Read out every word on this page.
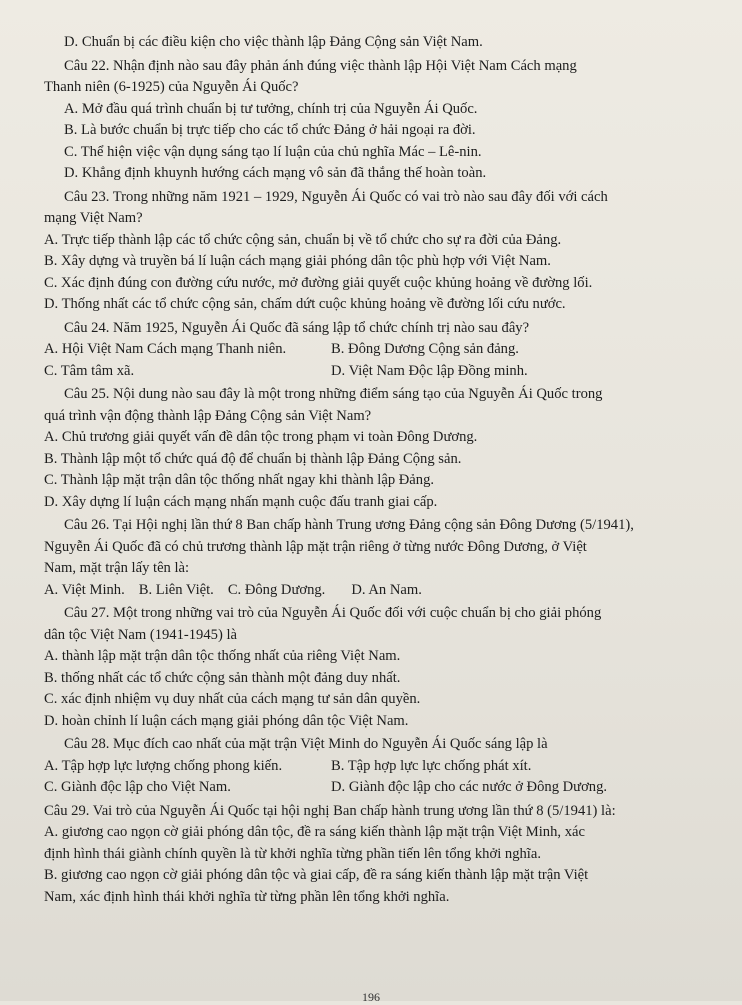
D. Chuẩn bị các điều kiện cho việc thành lập Đảng Cộng sản Việt Nam.
Câu 22. Nhận định nào sau đây phản ánh đúng việc thành lập Hội Việt Nam Cách mạng
Thanh niên (6-1925) của Nguyễn Ái Quốc?
A. Mở đầu quá trình chuẩn bị tư tưởng, chính trị của Nguyễn Ái Quốc.
B. Là bước chuẩn bị trực tiếp cho các tổ chức Đảng ở hải ngoại ra đời.
C. Thể hiện việc vận dụng sáng tạo lí luận của chủ nghĩa Mác – Lê-nin.
D. Khẳng định khuynh hướng cách mạng vô sản đã thắng thế hoàn toàn.
Câu 23. Trong những năm 1921 – 1929, Nguyễn Ái Quốc có vai trò nào sau đây đối với cách
mạng Việt Nam?
A. Trực tiếp thành lập các tổ chức cộng sản, chuẩn bị về tổ chức cho sự ra đời của Đảng.
B. Xây dựng và truyền bá lí luận cách mạng giải phóng dân tộc phù hợp với Việt Nam.
C. Xác định đúng con đường cứu nước, mở đường giải quyết cuộc khủng hoảng về đường lối.
D. Thống nhất các tổ chức cộng sản, chấm dứt cuộc khủng hoảng về đường lối cứu nước.
Câu 24. Năm 1925, Nguyễn Ái Quốc đã sáng lập tổ chức chính trị nào sau đây?
A. Hội Việt Nam Cách mạng Thanh niên.	B. Đông Dương Cộng sản đảng.
C. Tâm tâm xã.	D. Việt Nam Độc lập Đồng minh.
Câu 25. Nội dung nào sau đây là một trong những điểm sáng tạo của Nguyễn Ái Quốc trong
quá trình vận động thành lập Đảng Cộng sản Việt Nam?
A. Chủ trương giải quyết vấn đề dân tộc trong phạm vi toàn Đông Dương.
B. Thành lập một tổ chức quá độ để chuẩn bị thành lập Đảng Cộng sản.
C. Thành lập mặt trận dân tộc thống nhất ngay khi thành lập Đảng.
D. Xây dựng lí luận cách mạng nhấn mạnh cuộc đấu tranh giai cấp.
Câu 26. Tại Hội nghị lần thứ 8 Ban chấp hành Trung ương Đảng cộng sản Đông Dương (5/1941),
Nguyễn Ái Quốc đã có chủ trương thành lập mặt trận riêng ở từng nước Đông Dương, ở Việt
Nam, mặt trận lấy tên là:
A. Việt Minh. B. Liên Việt. C. Đông Dương. D. An Nam.
Câu 27. Một trong những vai trò của Nguyễn Ái Quốc đối với cuộc chuẩn bị cho giải phóng
dân tộc Việt Nam (1941-1945) là
A. thành lập mặt trận dân tộc thống nhất của riêng Việt Nam.
B. thống nhất các tổ chức cộng sản thành một đảng duy nhất.
C. xác định nhiệm vụ duy nhất của cách mạng tư sản dân quyền.
D. hoàn chỉnh lí luận cách mạng giải phóng dân tộc Việt Nam.
Câu 28. Mục đích cao nhất của mặt trận Việt Minh do Nguyễn Ái Quốc sáng lập là
A. Tập hợp lực lượng chống phong kiến.	B. Tập hợp lực lực chống phát xít.
C. Giành độc lập cho Việt Nam.	D. Giành độc lập cho các nước ở Đông Dương.
Câu 29. Vai trò của Nguyễn Ái Quốc tại hội nghị Ban chấp hành trung ương lần thứ 8 (5/1941) là:
A. giương cao ngọn cờ giải phóng dân tộc, đề ra sáng kiến thành lập mặt trận Việt Minh, xác
định hình thái giành chính quyền là từ khởi nghĩa từng phần tiến lên tổng khởi nghĩa.
B. giương cao ngọn cờ giải phóng dân tộc và giai cấp, đề ra sáng kiến thành lập mặt trận Việt
Nam, xác định hình thái khởi nghĩa từ từng phần lên tổng khởi nghĩa.
196
